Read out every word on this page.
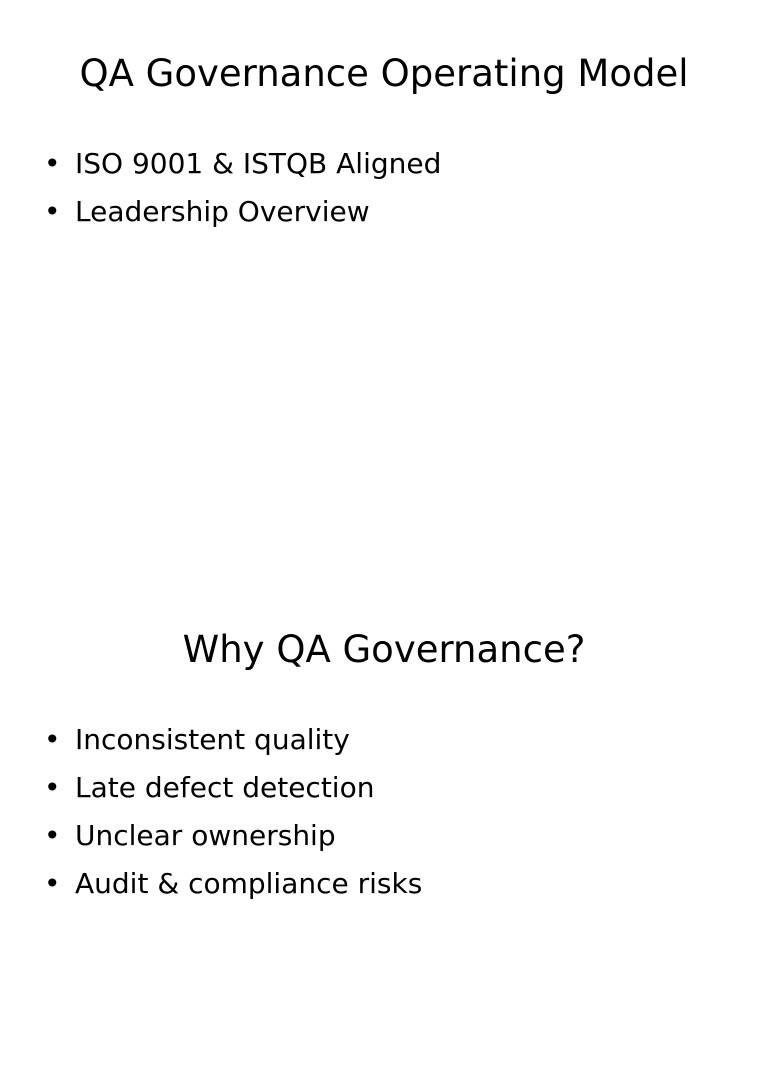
QA Governance Operating Model
• ISO 9001 & ISTQB Aligned
• Leadership Overview
Why QA Governance?
• Inconsistent quality
• Late defect detection
• Unclear ownership
• Audit & compliance risks
